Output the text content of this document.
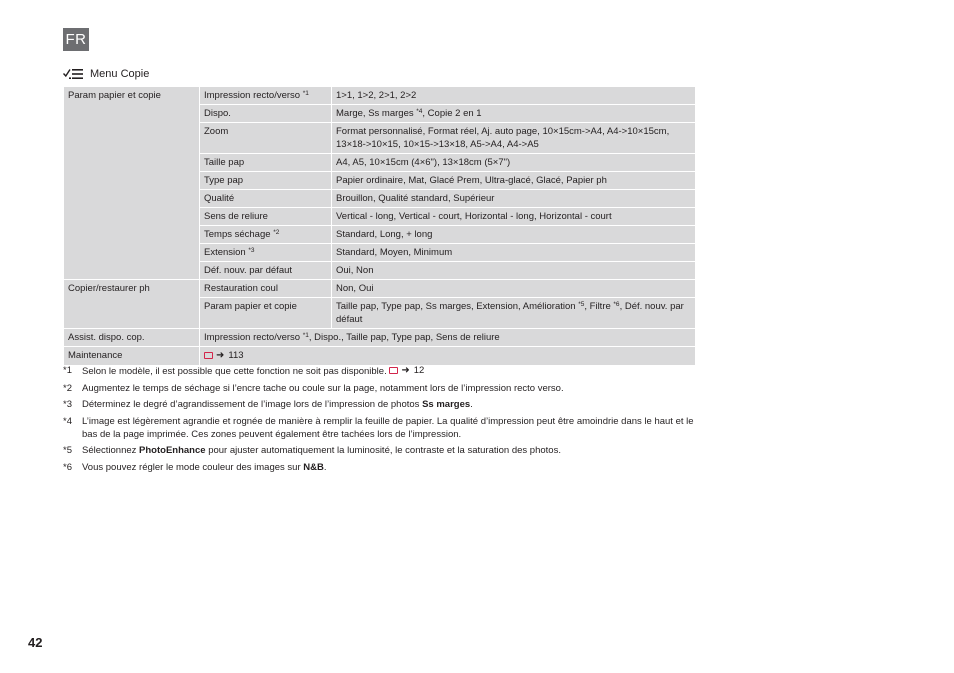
FR
Menu Copie
Param papier et copie	Impression recto/verso $^{*1}$	1>1, 1>2, 2>1, 2>2
	Dispo.	Marge, Ss marges $^{*4}$, Copie 2 en 1
	Zoom	Format personnalisé, Format réel, Aj. auto page, 10×15cm->A4, A4->10×15cm, 13×18->10×15, 10×15->13×18, A5->A4, A4->A5
	Taille pap	A4, A5, 10×15cm (4×6"), 13×18cm (5×7")
	Type pap	Papier ordinaire, Mat, Glacé Prem, Ultra-glacé, Glacé, Papier ph
	Qualité	Brouillon, Qualité standard, Supérieur
	Sens de reliure	Vertical - long, Vertical - court, Horizontal - long, Horizontal - court
	Temps séchage $^{*2}$	Standard, Long, + long
	Extension $^{*3}$	Standard, Moyen, Minimum
	Déf. nouv. par défaut	Oui, Non
Copier/restaurer ph	Restauration coul	Non, Oui
	Param papier et copie	Taille pap, Type pap, Ss marges, Extension, Amélioration $^{*5}$, Filtre $^{*6}$, Déf. nouv. par défaut
Assist. dispo. cop.	Impression recto/verso $^{*1}$, Dispo., Taille pap, Type pap, Sens de reliure	
Maintenance	➜ 113	
*1	Selon le modèle, il est possible que cette fonction ne soit pas disponible. ➜ 12
*2	Augmentez le temps de séchage si l’encre tache ou coule sur la page, notamment lors de l’impression recto verso.
*3	Déterminez le degré d’agrandissement de l’image lors de l’impression de photos Ss marges.
*4	L’image est légèrement agrandie et rognée de manière à remplir la feuille de papier. La qualité d’impression peut être amoindrie dans le haut et le bas de la page imprimée. Ces zones peuvent également être tachées lors de l’impression.
*5	Sélectionnez PhotoEnhance pour ajuster automatiquement la luminosité, le contraste et la saturation des photos.
*6	Vous pouvez régler le mode couleur des images sur N&B.
42
